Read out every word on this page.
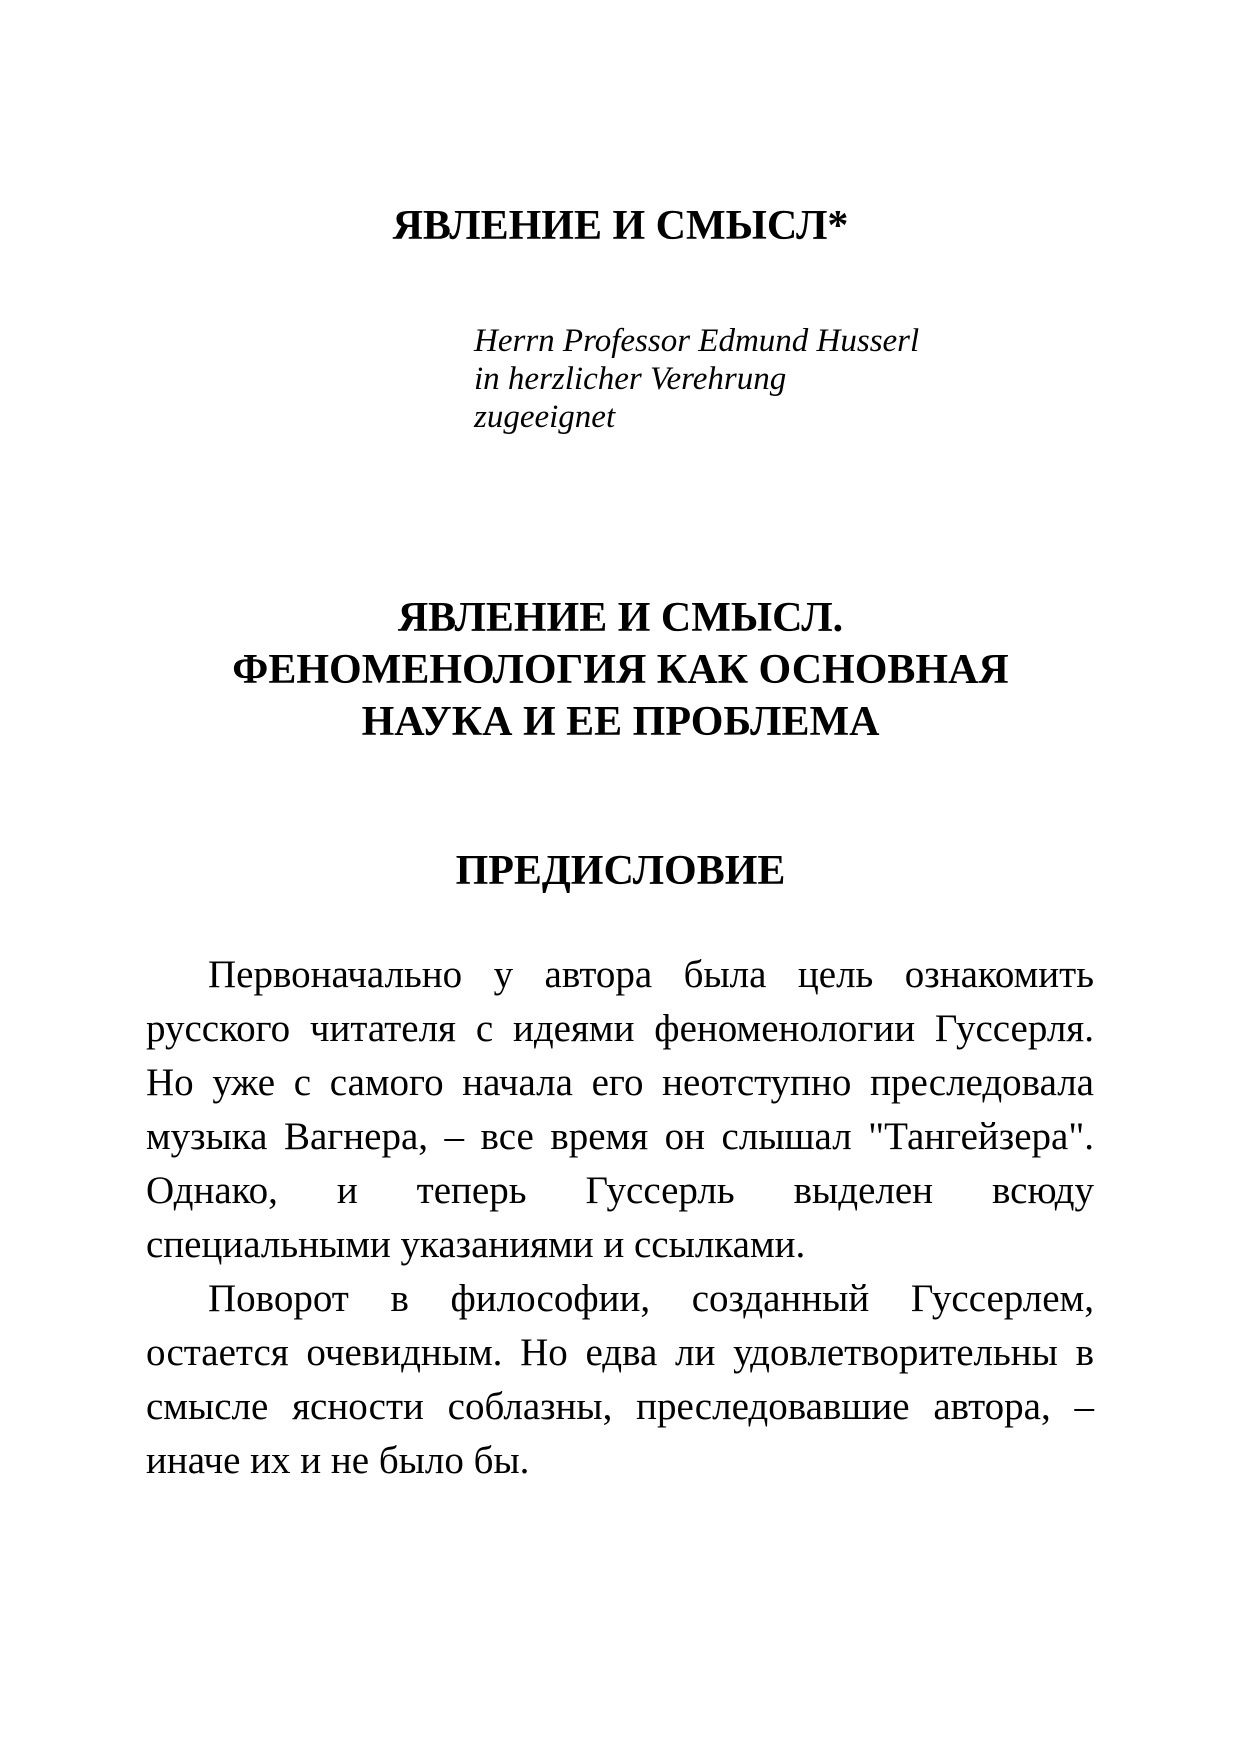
ЯВЛЕНИЕ И СМЫСЛ*
Herrn Professor Edmund Husserl
in herzlicher Verehrung
zugeeignet
ЯВЛЕНИЕ И СМЫСЛ.
ФЕНОМЕНОЛОГИЯ КАК ОСНОВНАЯ
НАУКА И ЕЕ ПРОБЛЕМА
ПРЕДИСЛОВИЕ

Первоначально у автора была цель ознакомить русского читателя с идеями феноменологии Гуссерля. Но уже с самого начала его неотступно преследовала музыка Вагнера, – все время он слышал "Тангейзера". Однако, и теперь Гуссерль выделен всюду специальными указаниями и ссылками.

Поворот в философии, созданный Гуссерлем, остается очевидным. Но едва ли удовлетворительны в смысле ясности соблазны, преследовавшие автора, – иначе их и не было бы.
